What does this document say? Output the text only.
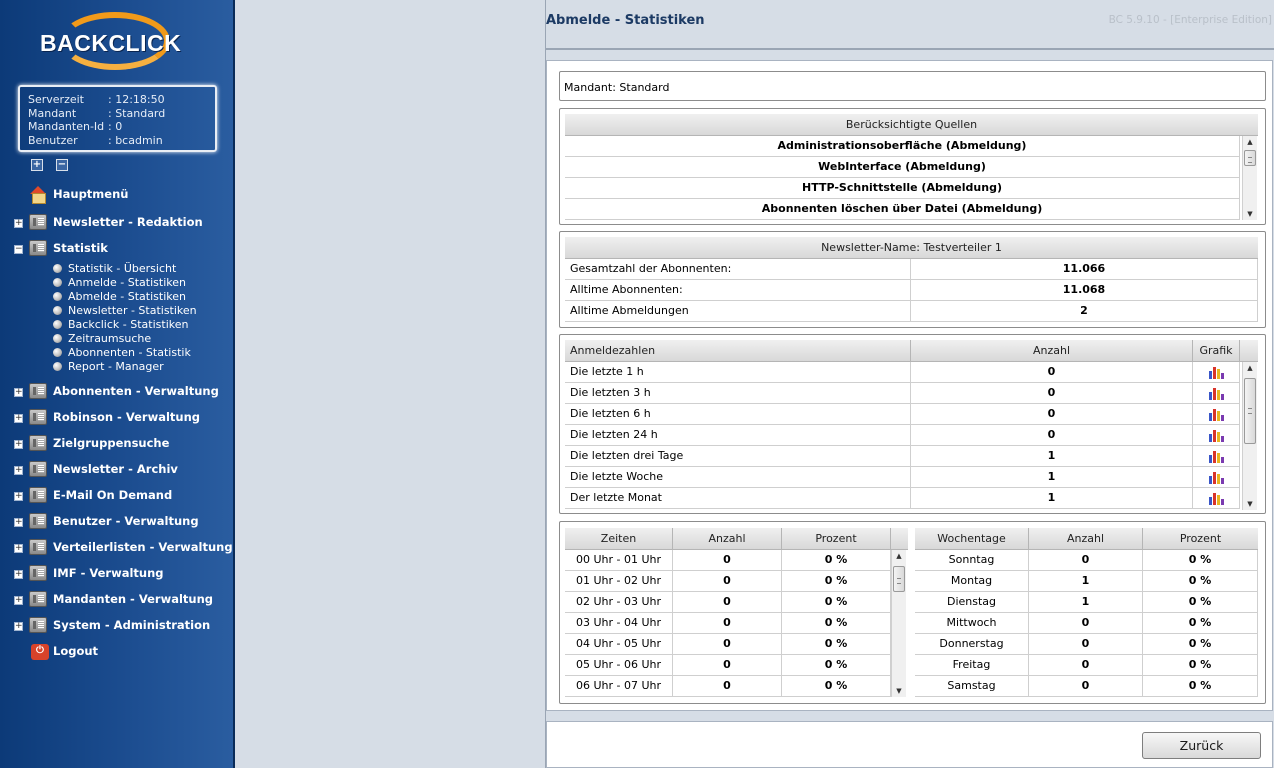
BACKCLICK
Serverzeit	: 12:18:50
Mandant	: Standard
Mandanten-Id : 0
Benutzer	: bcadmin
+ −
Hauptmenü
+	Newsletter - Redaktion
−	Statistik
Statistik - Übersicht
Anmelde - Statistiken
Abmelde - Statistiken
Newsletter - Statistiken
Backclick - Statistiken
Zeitraumsuche
Abonnenten - Statistik
Report - Manager
+	Abonnenten - Verwaltung
+	Robinson - Verwaltung
+	Zielgruppensuche
+	Newsletter - Archiv
+	E-Mail On Demand
+	Benutzer - Verwaltung
+	Verteilerlisten - Verwaltung
+	IMF - Verwaltung
+	Mandanten - Verwaltung
+	System - Administration
⏻ Logout
Abmelde - Statistiken	BC 5.9.10 - [Enterprise Edition]
Mandant: Standard
Berücksichtigte Quellen
Administrationsoberfläche (Abmeldung)
WebInterface (Abmeldung)
HTTP-Schnittstelle (Abmeldung)
Abonnenten löschen über Datei (Abmeldung)
▲
▼
Newsletter-Name: Testverteiler 1
Gesamtzahl der Abonnenten:	11.066
Alltime Abonnenten:	11.068
Alltime Abmeldungen	2
Anmeldezahlen	Anzahl	Grafik
Die letzte 1 h	0
Die letzten 3 h	0
Die letzten 6 h	0
Die letzten 24 h	0
Die letzten drei Tage	1
Die letzte Woche	1
Der letzte Monat	1
▲
▼
Zeiten	Anzahl	Prozent
00 Uhr - 01 Uhr	0	0 %
01 Uhr - 02 Uhr	0	0 %
02 Uhr - 03 Uhr	0	0 %
03 Uhr - 04 Uhr	0	0 %
04 Uhr - 05 Uhr	0	0 %
05 Uhr - 06 Uhr	0	0 %
06 Uhr - 07 Uhr	0	0 %
▲
▼
Wochentage	Anzahl	Prozent
Sonntag	0	0 %
Montag	1	0 %
Dienstag	1	0 %
Mittwoch	0	0 %
Donnerstag	0	0 %
Freitag	0	0 %
Samstag	0	0 %
Zurück
